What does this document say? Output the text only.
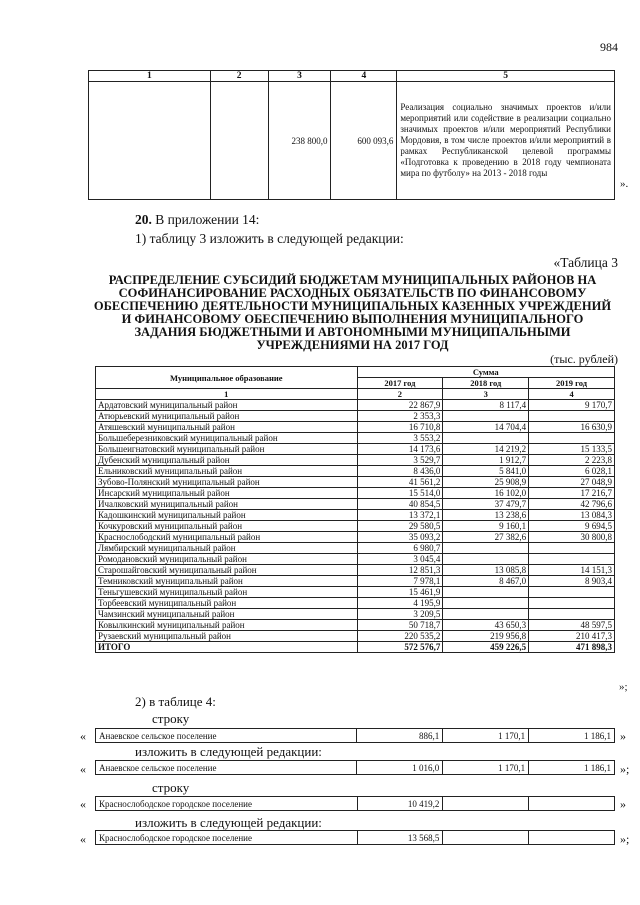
984
1	2	3	4	5
		238 800,0	600 093,6	Реализация социально значимых проектов и/или мероприятий или содействие в реализации социально значимых проектов и/или мероприятий Республики Мордовия, в том числе проектов и/или мероприятий в рамках Республиканской целевой программы «Подготовка к проведению в 2018 году чемпионата мира по футболу» на 2013 - 2018 годы
».
20. В приложении 14:
1) таблицу 3 изложить в следующей редакции:
«Таблица 3
РАСПРЕДЕЛЕНИЕ СУБСИДИЙ БЮДЖЕТАМ МУНИЦИПАЛЬНЫХ РАЙОНОВ НА СОФИНАНСИРОВАНИЕ РАСХОДНЫХ ОБЯЗАТЕЛЬСТВ ПО ФИНАНСОВОМУ ОБЕСПЕЧЕНИЮ ДЕЯТЕЛЬНОСТИ МУНИЦИПАЛЬНЫХ КАЗЕННЫХ УЧРЕЖДЕНИЙ И ФИНАНСОВОМУ ОБЕСПЕЧЕНИЮ ВЫПОЛНЕНИЯ МУНИЦИПАЛЬНОГО ЗАДАНИЯ БЮДЖЕТНЫМИ И АВТОНОМНЫМИ МУНИЦИПАЛЬНЫМИ УЧРЕЖДЕНИЯМИ НА 2017 ГОД
(тыс. рублей)
Муниципальное образование	Сумма		
	2017 год	2018 год	2019 год
1	2	3	4
Ардатовский муниципальный район	22 867,9	8 117,4	9 170,7
Атюрьевский муниципальный район	2 353,3		
Атяшевский муниципальный район	16 710,8	14 704,4	16 630,9
Большеберезниковский муниципальный район	3 553,2		
Большеигнатовский муниципальный район	14 173,6	14 219,2	15 133,5
Дубенский муниципальный район	3 529,7	1 912,7	2 223,8
Ельниковский муниципальный район	8 436,0	5 841,0	6 028,1
Зубово-Полянский муниципальный район	41 561,2	25 908,9	27 048,9
Инсарский муниципальный район	15 514,0	16 102,0	17 216,7
Ичалковский муниципальный район	40 854,5	37 479,7	42 796,6
Кадошкинский муниципальный район	13 372,1	13 238,6	13 084,3
Кочкуровский муниципальный район	29 580,5	9 160,1	9 694,5
Краснослободский муниципальный район	35 093,2	27 382,6	30 800,8
Лямбирский муниципальный район	6 980,7		
Ромодановский муниципальный район	3 045,4		
Старошайговский муниципальный район	12 851,3	13 085,8	14 151,3
Темниковский муниципальный район	7 978,1	8 467,0	8 903,4
Теньгушевский муниципальный район	15 461,9		
Торбеевский муниципальный район	4 195,9		
Чамзинский муниципальный район	3 209,5		
Ковылкинский муниципальный район	50 718,7	43 650,3	48 597,5
Рузаевский муниципальный район	220 535,2	219 956,8	210 417,3
ИТОГО	572 576,7	459 226,5	471 898,3
»;
2) в таблице 4:
строку
изложить в следующей редакции:
строку
изложить в следующей редакции:
« Анаевское сельское поселение	886,1	1 170,1	1 186,1 »
« Анаевское сельское поселение	1 016,0	1 170,1	1 186,1 »;
« Краснослободское городское поселение	10 419,2			»
« Краснослободское городское поселение	13 568,5			»;
